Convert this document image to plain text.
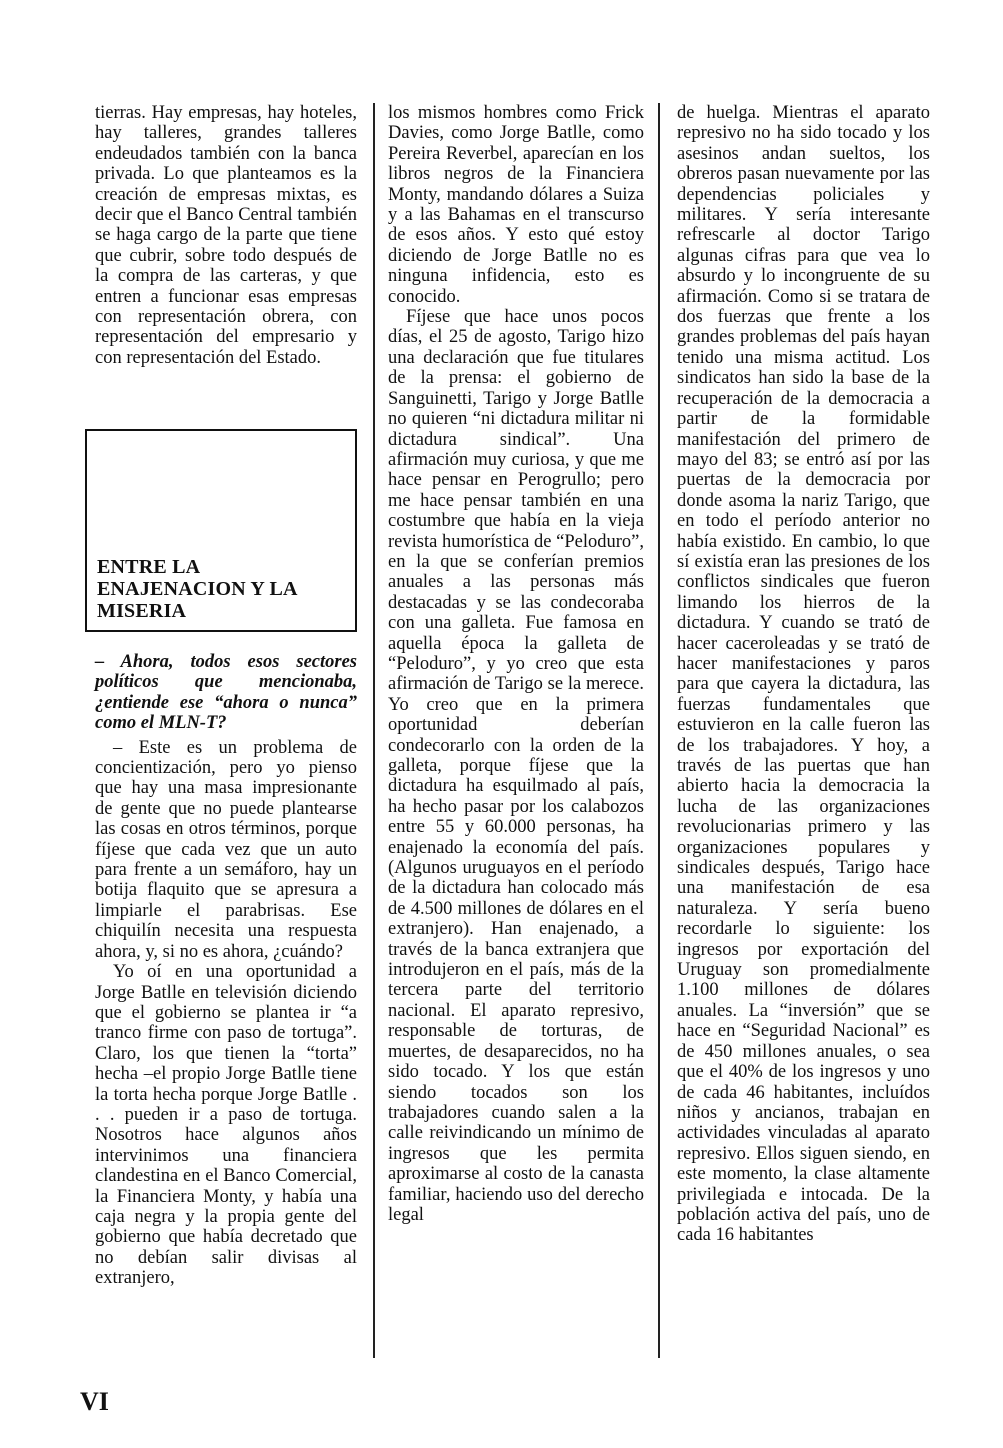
tierras. Hay empresas, hay hoteles, hay talleres, grandes talleres endeudados también con la banca privada. Lo que planteamos es la creación de empresas mixtas, es decir que el Banco Central también se haga cargo de la parte que tiene que cubrir, sobre todo después de la compra de las carteras, y que entren a funcionar esas empresas con representación obrera, con representación del empresario y con representación del Estado.

ENTRE LA ENAJENACION Y LA MISERIA

– Ahora, todos esos sectores políticos que mencionaba, ¿entiende ese “ahora o nunca” como el MLN-T?

– Este es un problema de concientización, pero yo pienso que hay una masa impresionante de gente que no puede plantearse las cosas en otros términos, porque fíjese que cada vez que un auto para frente a un semáforo, hay un botija flaquito que se apresura a limpiarle el parabrisas. Ese chiquilín necesita una respuesta ahora, y, si no es ahora, ¿cuándo?

Yo oí en una oportunidad a Jorge Batlle en televisión diciendo que el gobierno se plantea ir “a tranco firme con paso de tortuga”. Claro, los que tienen la “torta” hecha –el propio Jorge Batlle tiene la torta hecha porque Jorge Batlle . . . pueden ir a paso de tortuga. Nosotros hace algunos años intervinimos una financiera clandestina en el Banco Comercial, la Financiera Monty, y había una caja negra y la propia gente del gobierno que había decretado que no debían salir divisas al extranjero,

los mismos hombres como Frick Davies, como Jorge Batlle, como Pereira Reverbel, aparecían en los libros negros de la Financiera Monty, mandando dólares a Suiza y a las Bahamas en el transcurso de esos años. Y esto qué estoy diciendo de Jorge Batlle no es ninguna infidencia, esto es conocido.

Fíjese que hace unos pocos días, el 25 de agosto, Tarigo hizo una declaración que fue titulares de la prensa: el gobierno de Sanguinetti, Tarigo y Jorge Batlle no quieren “ni dictadura militar ni dictadura sindical”. Una afirmación muy curiosa, y que me hace pensar en Perogrullo; pero me hace pensar también en una costumbre que había en la vieja revista humorística de “Peloduro”, en la que se conferían premios anuales a las personas más destacadas y se las condecoraba con una galleta. Fue famosa en aquella época la galleta de “Peloduro”, y yo creo que esta afirmación de Tarigo se la merece. Yo creo que en la primera oportunidad deberían condecorarlo con la orden de la galleta, porque fíjese que la dictadura ha esquilmado al país, ha hecho pasar por los calabozos entre 55 y 60.000 personas, ha enajenado la economía del país. (Algunos uruguayos en el período de la dictadura han colocado más de 4.500 millones de dólares en el extranjero). Han enajenado, a través de la banca extranjera que introdujeron en el país, más de la tercera parte del territorio nacional. El aparato represivo, responsable de torturas, de muertes, de desaparecidos, no ha sido tocado. Y los que están siendo tocados son los trabajadores cuando salen a la calle reivindicando un mínimo de ingresos que les permita aproximarse al costo de la canasta familiar, haciendo uso del derecho legal

de huelga. Mientras el aparato represivo no ha sido tocado y los asesinos andan sueltos, los obreros pasan nuevamente por las dependencias policiales y militares. Y sería interesante refrescarle al doctor Tarigo algunas cifras para que vea lo absurdo y lo incongruente de su afirmación. Como si se tratara de dos fuerzas que frente a los grandes problemas del país hayan tenido una misma actitud. Los sindicatos han sido la base de la recuperación de la democracia a partir de la formidable manifestación del primero de mayo del 83; se entró así por las puertas de la democracia por donde asoma la nariz Tarigo, que en todo el período anterior no había existido. En cambio, lo que sí existía eran las presiones de los conflictos sindicales que fueron limando los hierros de la dictadura. Y cuando se trató de hacer caceroleadas y se trató de hacer manifestaciones y paros para que cayera la dictadura, las fuerzas fundamentales que estuvieron en la calle fueron las de los trabajadores. Y hoy, a través de las puertas que han abierto hacia la democracia la lucha de las organizaciones revolucionarias primero y las organizaciones populares y sindicales después, Tarigo hace una manifestación de esa naturaleza. Y sería bueno recordarle lo siguiente: los ingresos por exportación del Uruguay son promedialmente 1.100 millones de dólares anuales. La “inversión” que se hace en “Seguridad Nacional” es de 450 millones anuales, o sea que el 40% de los ingresos y uno de cada 46 habitantes, incluídos niños y ancianos, trabajan en actividades vinculadas al aparato represivo. Ellos siguen siendo, en este momento, la clase altamente privilegiada e intocada. De la población activa del país, uno de cada 16 habitantes

VI
